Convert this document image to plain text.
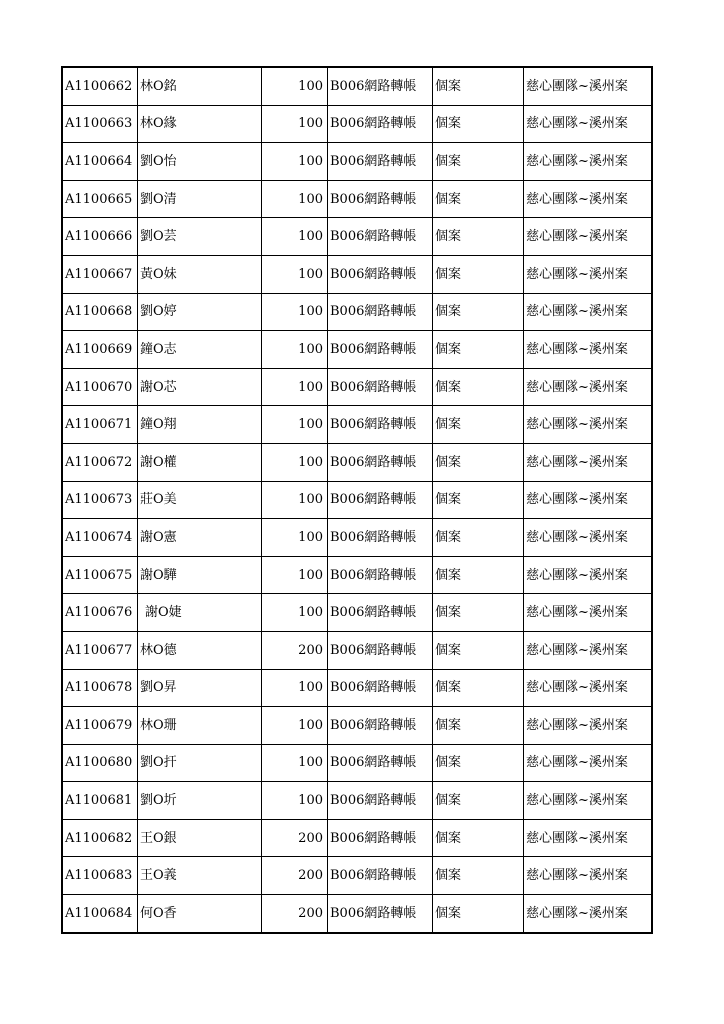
A1100662	林O銘	100	B006網路轉帳	個案	慈心團隊~溪州案
A1100663	林O緣	100	B006網路轉帳	個案	慈心團隊~溪州案
A1100664	劉O怡	100	B006網路轉帳	個案	慈心團隊~溪州案
A1100665	劉O清	100	B006網路轉帳	個案	慈心團隊~溪州案
A1100666	劉O芸	100	B006網路轉帳	個案	慈心團隊~溪州案
A1100667	黃O妹	100	B006網路轉帳	個案	慈心團隊~溪州案
A1100668	劉O婷	100	B006網路轉帳	個案	慈心團隊~溪州案
A1100669	鐘O志	100	B006網路轉帳	個案	慈心團隊~溪州案
A1100670	謝O芯	100	B006網路轉帳	個案	慈心團隊~溪州案
A1100671	鐘O翔	100	B006網路轉帳	個案	慈心團隊~溪州案
A1100672	謝O權	100	B006網路轉帳	個案	慈心團隊~溪州案
A1100673	莊O美	100	B006網路轉帳	個案	慈心團隊~溪州案
A1100674	謝O憲	100	B006網路轉帳	個案	慈心團隊~溪州案
A1100675	謝O驊	100	B006網路轉帳	個案	慈心團隊~溪州案
A1100676	謝O婕	100	B006網路轉帳	個案	慈心團隊~溪州案
A1100677	林O德	200	B006網路轉帳	個案	慈心團隊~溪州案
A1100678	劉O昇	100	B006網路轉帳	個案	慈心團隊~溪州案
A1100679	林O珊	100	B006網路轉帳	個案	慈心團隊~溪州案
A1100680	劉O扞	100	B006網路轉帳	個案	慈心團隊~溪州案
A1100681	劉O圻	100	B006網路轉帳	個案	慈心團隊~溪州案
A1100682	王O銀	200	B006網路轉帳	個案	慈心團隊~溪州案
A1100683	王O義	200	B006網路轉帳	個案	慈心團隊~溪州案
A1100684	何O香	200	B006網路轉帳	個案	慈心團隊~溪州案
